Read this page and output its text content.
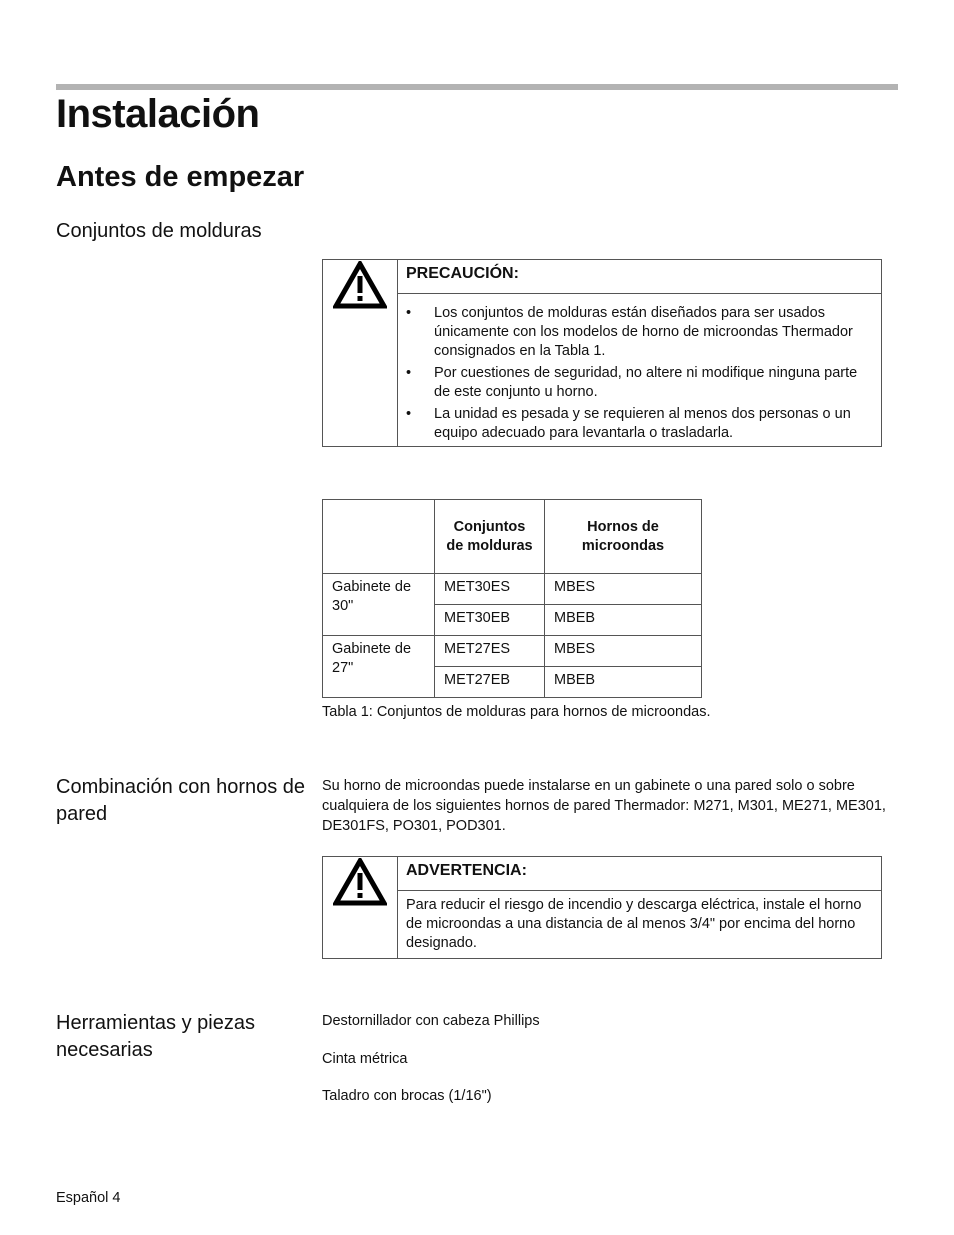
Instalación
Antes de empezar
Conjuntos de molduras
PRECAUCIÓN:
• Los conjuntos de molduras están diseñados para ser usados únicamente con los modelos de horno de microondas Thermador consignados en la Tabla 1.
• Por cuestiones de seguridad, no altere ni modifique ninguna parte de este conjunto u horno.
• La unidad es pesada y se requieren al menos dos personas o un equipo adecuado para levantarla o trasladarla.
	Conjuntos de molduras	Hornos de microondas
Gabinete de 30"	MET30ES	MBES
	MET30EB	MBEB
Gabinete de 27"	MET27ES	MBES
	MET27EB	MBEB
Tabla 1: Conjuntos de molduras para hornos de microondas.
Combinación con hornos de pared
Su horno de microondas puede instalarse en un gabinete o una pared solo o sobre cualquiera de los siguientes hornos de pared Thermador: M271, M301, ME271, ME301, DE301FS, PO301, POD301.
ADVERTENCIA:
Para reducir el riesgo de incendio y descarga eléctrica, instale el horno de microondas a una distancia de al menos 3/4" por encima del horno designado.
Herramientas y piezas necesarias
Destornillador con cabeza Phillips
Cinta métrica
Taladro con brocas (1/16")
Español 4
